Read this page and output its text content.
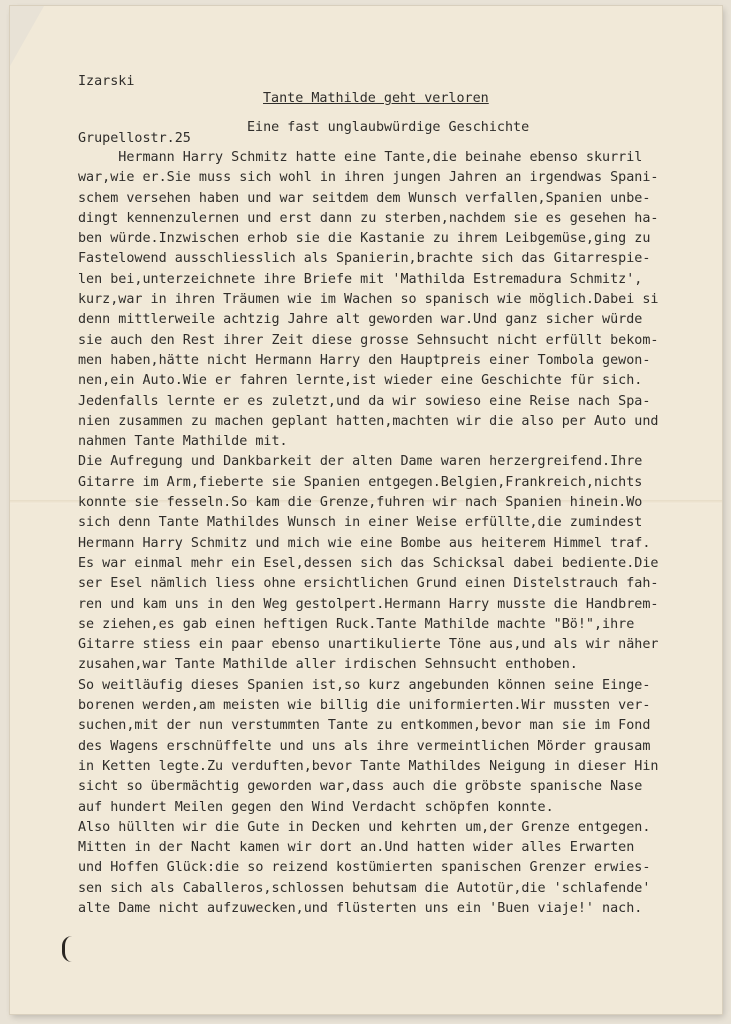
Izarski

Grupellostr.25

Tante Mathilde geht verloren
Eine fast unglaubwürdige Geschichte
Hermann Harry Schmitz hatte eine Tante,die beinahe ebenso skurril
war,wie er.Sie muss sich wohl in ihren jungen Jahren an irgendwas Spani-
schem versehen haben und war seitdem dem Wunsch verfallen,Spanien unbe-
dingt kennenzulernen und erst dann zu sterben,nachdem sie es gesehen ha-
ben würde.Inzwischen erhob sie die Kastanie zu ihrem Leibgemüse,ging zu
Fastelowend ausschliesslich als Spanierin,brachte sich das Gitarrespie-
len bei,unterzeichnete ihre Briefe mit 'Mathilda Estremadura Schmitz',
kurz,war in ihren Träumen wie im Wachen so spanisch wie möglich.Dabei si
denn mittlerweile achtzig Jahre alt geworden war.Und ganz sicher würde
sie auch den Rest ihrer Zeit diese grosse Sehnsucht nicht erfüllt bekom-
men haben,hätte nicht Hermann Harry den Hauptpreis einer Tombola gewon-
nen,ein Auto.Wie er fahren lernte,ist wieder eine Geschichte für sich.
Jedenfalls lernte er es zuletzt,und da wir sowieso eine Reise nach Spa-
nien zusammen zu machen geplant hatten,machten wir die also per Auto und
nahmen Tante Mathilde mit.
Die Aufregung und Dankbarkeit der alten Dame waren herzergreifend.Ihre
Gitarre im Arm,fieberte sie Spanien entgegen.Belgien,Frankreich,nichts
konnte sie fesseln.So kam die Grenze,fuhren wir nach Spanien hinein.Wo
sich denn Tante Mathildes Wunsch in einer Weise erfüllte,die zumindest
Hermann Harry Schmitz und mich wie eine Bombe aus heiterem Himmel traf.
Es war einmal mehr ein Esel,dessen sich das Schicksal dabei bediente.Die
ser Esel nämlich liess ohne ersichtlichen Grund einen Distelstrauch fah-
ren und kam uns in den Weg gestolpert.Hermann Harry musste die Handbrem-
se ziehen,es gab einen heftigen Ruck.Tante Mathilde machte "Bö!",ihre
Gitarre stiess ein paar ebenso unartikulierte Töne aus,und als wir näher
zusahen,war Tante Mathilde aller irdischen Sehnsucht enthoben.
So weitläufig dieses Spanien ist,so kurz angebunden können seine Einge-
borenen werden,am meisten wie billig die uniformierten.Wir mussten ver-
suchen,mit der nun verstummten Tante zu entkommen,bevor man sie im Fond
des Wagens erschnüffelte und uns als ihre vermeintlichen Mörder grausam
in Ketten legte.Zu verduften,bevor Tante Mathildes Neigung in dieser Hin
sicht so übermächtig geworden war,dass auch die gröbste spanische Nase
auf hundert Meilen gegen den Wind Verdacht schöpfen konnte.
Also hüllten wir die Gute in Decken und kehrten um,der Grenze entgegen.
Mitten in der Nacht kamen wir dort an.Und hatten wider alles Erwarten
und Hoffen Glück:die so reizend kostümierten spanischen Grenzer erwies-
sen sich als Caballeros,schlossen behutsam die Autotür,die 'schlafende'
alte Dame nicht aufzuwecken,und flüsterten uns ein 'Buen viaje!' nach.
